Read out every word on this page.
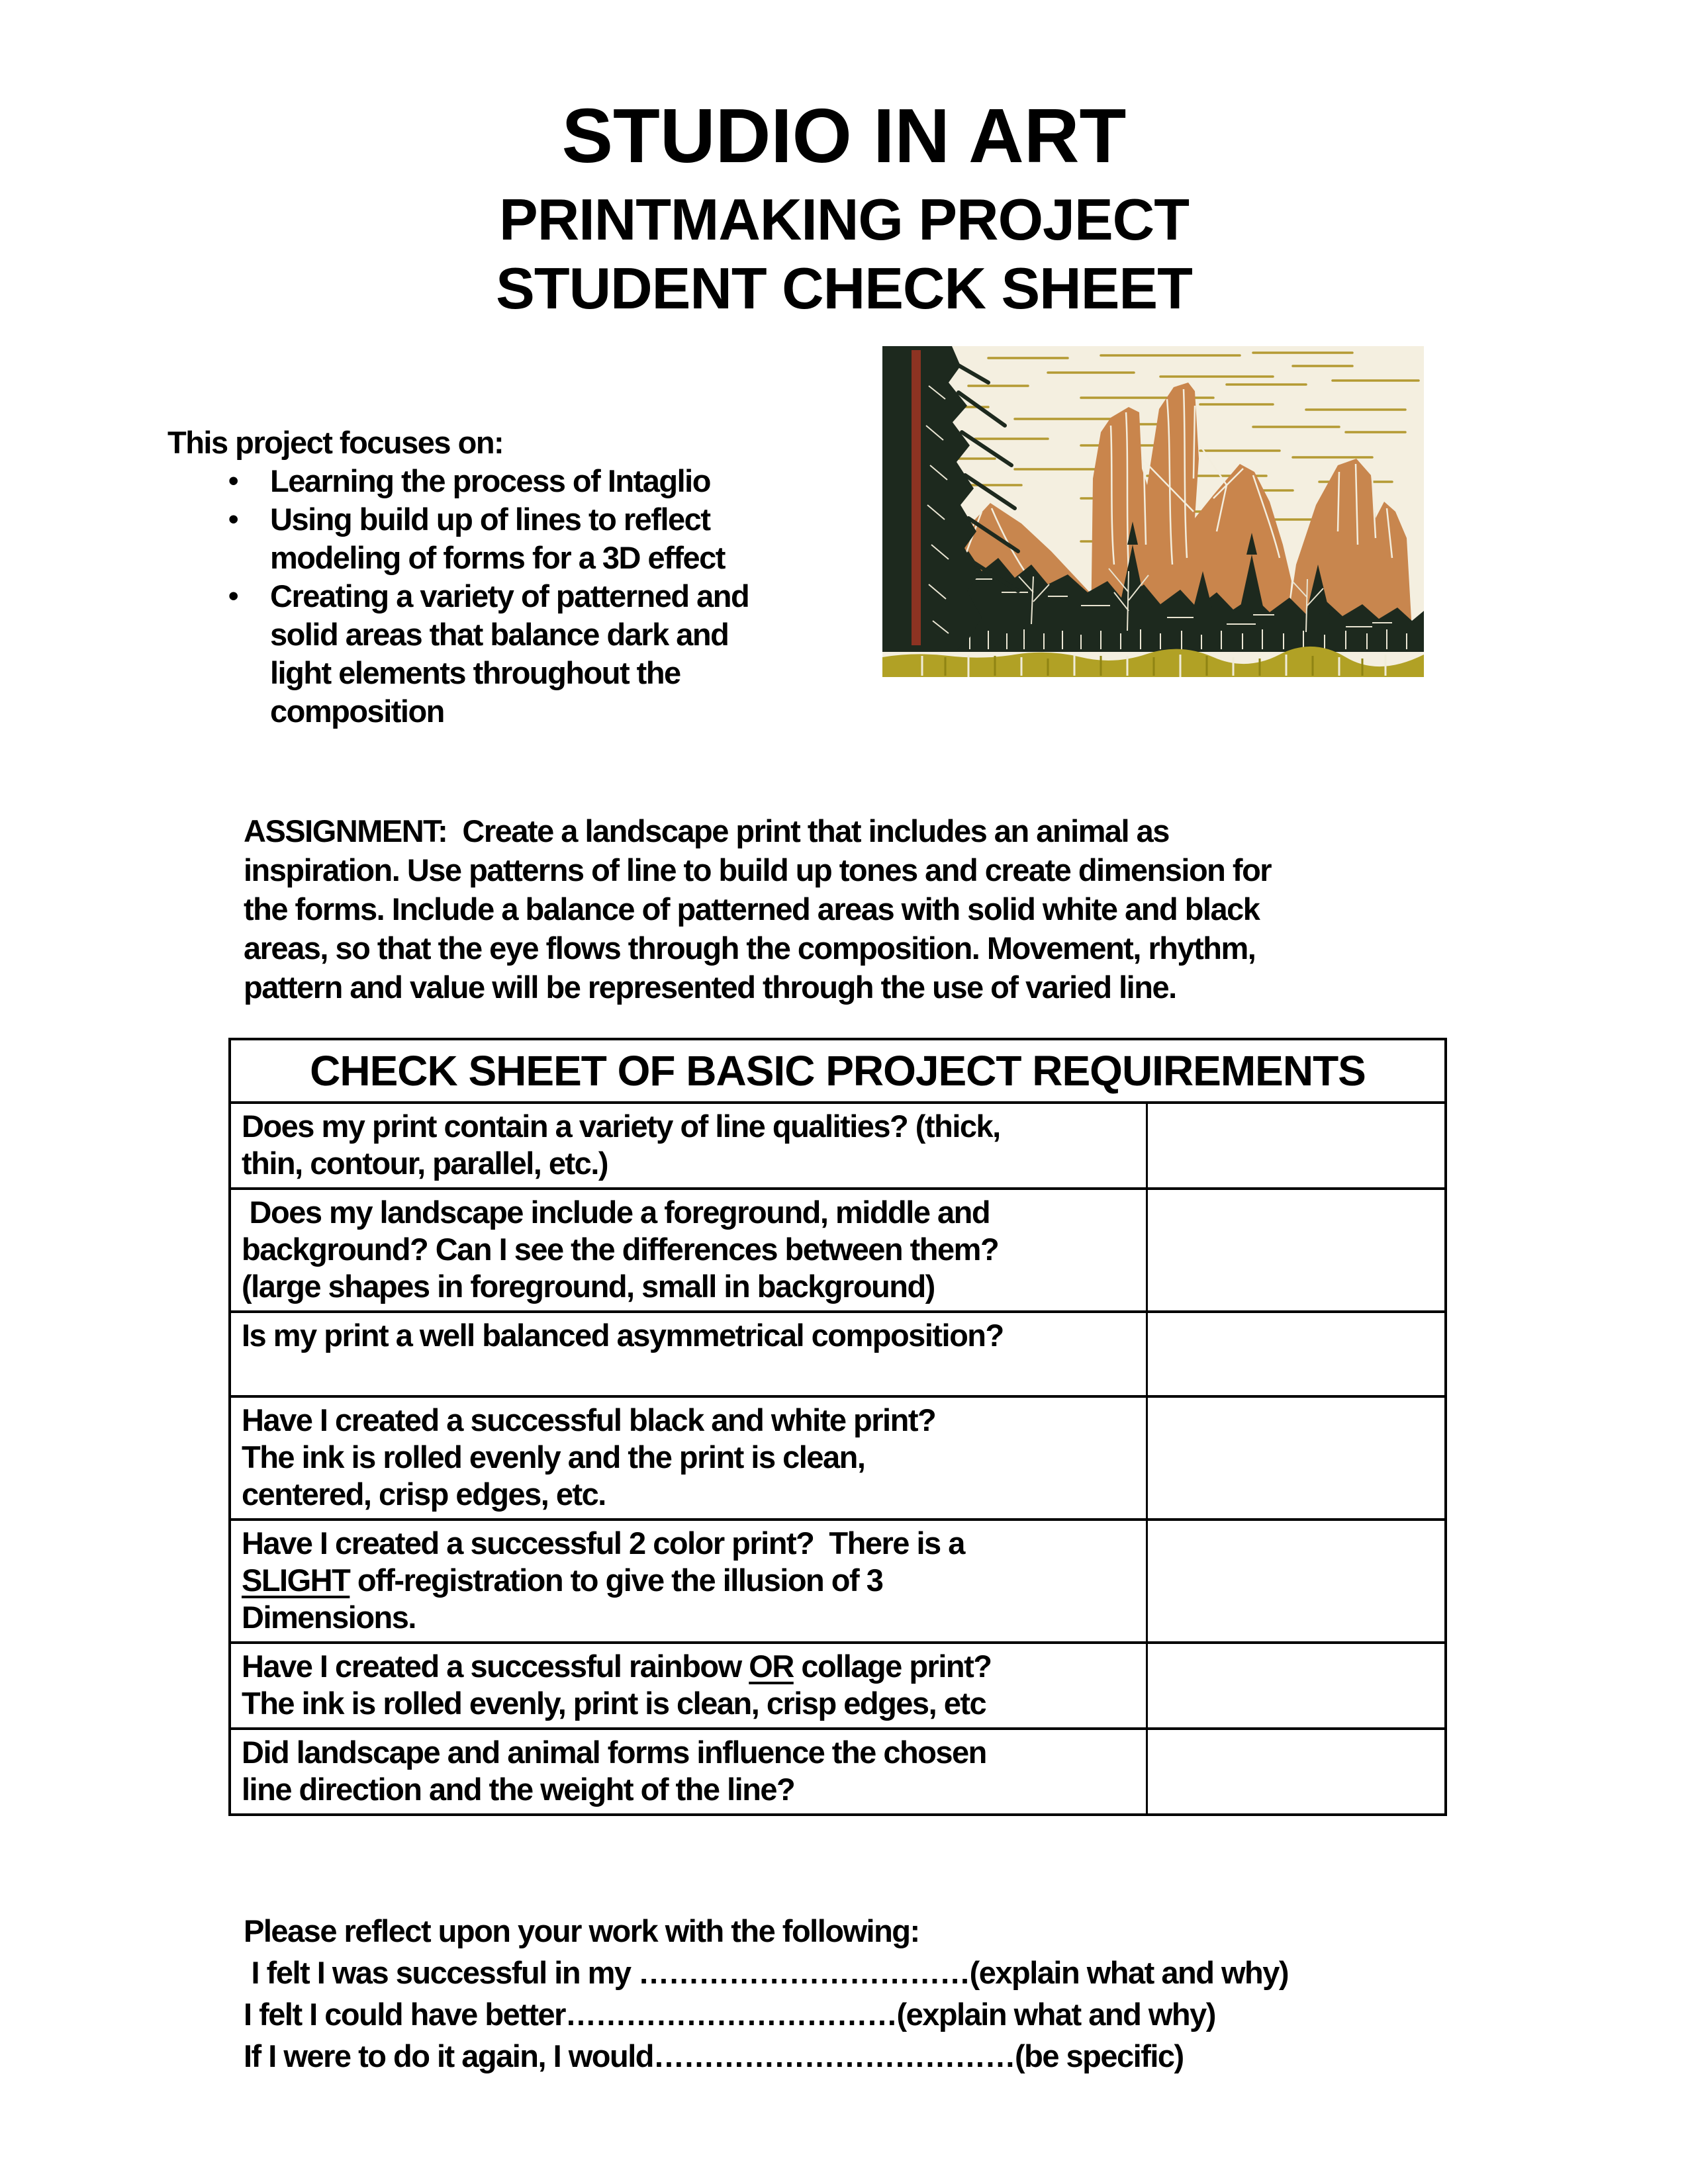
STUDIO IN ART
PRINTMAKING PROJECT
STUDENT CHECK SHEET
This project focuses on:
•	Learning the process of Intaglio
•	Using build up of lines to reflect
modeling of forms for a 3D effect
•	Creating a variety of patterned and
solid areas that balance dark and
light elements throughout the
composition
ASSIGNMENT:  Create a landscape print that includes an animal as
inspiration. Use patterns of line to build up tones and create dimension for
the forms. Include a balance of patterned areas with solid white and black
areas, so that the eye flows through the composition. Movement, rhythm,
pattern and value will be represented through the use of varied line.
CHECK SHEET OF BASIC PROJECT REQUIREMENTS
Does my print contain a variety of line qualities? (thick,
thin, contour, parallel, etc.)
Does my landscape include a foreground, middle and
background? Can I see the differences between them?
(large shapes in foreground, small in background)
Is my print a well balanced asymmetrical composition?
Have I created a successful black and white print?
The ink is rolled evenly and the print is clean,
centered, crisp edges, etc.
Have I created a successful 2 color print?  There is a
SLIGHT off-registration to give the illusion of 3
Dimensions.
Have I created a successful rainbow OR collage print?
The ink is rolled evenly, print is clean, crisp edges, etc
Did landscape and animal forms influence the chosen
line direction and the weight of the line?
Please reflect upon your work with the following:
I felt I was successful in my ……………………………(explain what and why)
I felt I could have better……………………………(explain what and why)
If I were to do it again, I would………………………………(be specific)
